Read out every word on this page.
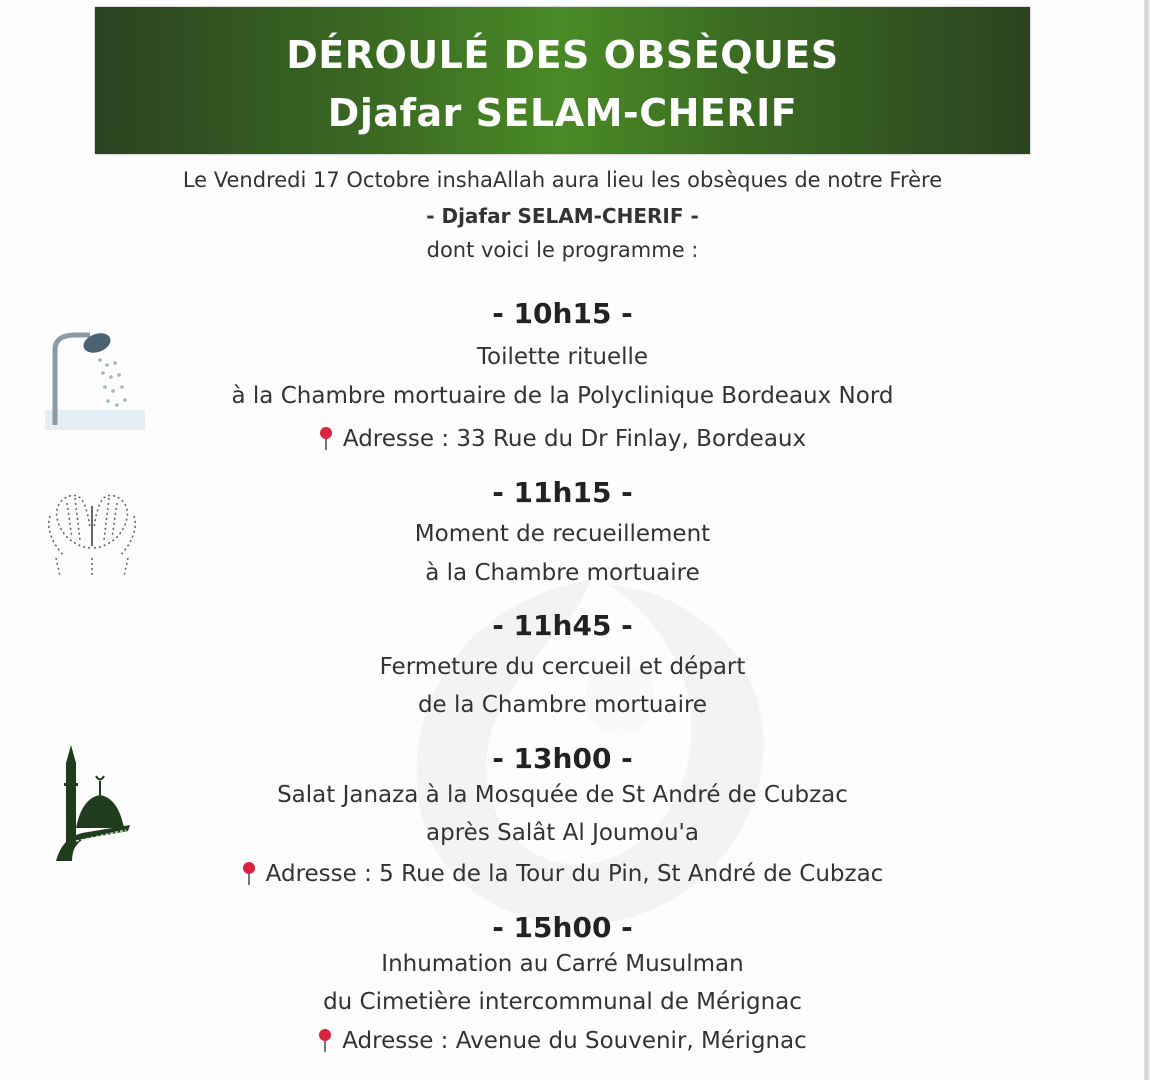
DÉROULÉ DES OBSÈQUES
Djafar SELAM-CHERIF
Le Vendredi 17 Octobre inshaAllah aura lieu les obsèques de notre Frère
- Djafar SELAM-CHERIF -
dont voici le programme :
- 10h15 -
Toilette rituelle
à la Chambre mortuaire de la Polyclinique Bordeaux Nord
Adresse : 33 Rue du Dr Finlay, Bordeaux
- 11h15 -
Moment de recueillement
à la Chambre mortuaire
- 11h45 -
Fermeture du cercueil et départ
de la Chambre mortuaire
- 13h00 -
Salat Janaza à la Mosquée de St André de Cubzac
après Salât Al Joumou'a
Adresse : 5 Rue de la Tour du Pin, St André de Cubzac
- 15h00 -
Inhumation au Carré Musulman
du Cimetière intercommunal de Mérignac
Adresse : Avenue du Souvenir, Mérignac
